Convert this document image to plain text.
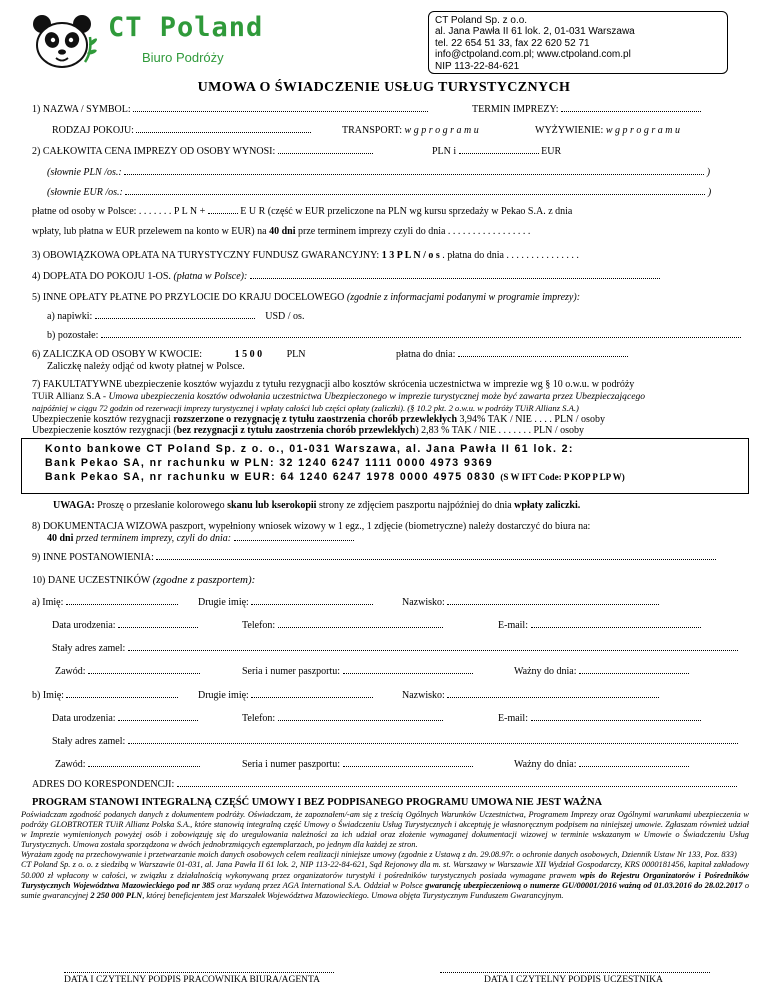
CT Poland
Biuro Podróży
CT Poland Sp. z o.o.
al. Jana Pawła II 61 lok. 2, 01-031 Warszawa
tel. 22 654 51 33, fax 22 620 52 71
info@ctpoland.com.pl; www.ctpoland.com.pl
NIP 113-22-84-621
UMOWA O ŚWIADCZENIE USŁUG TURYSTYCZNYCH
1) NAZWA / SYMBOL:	TERMIN IMPREZY:
RODZAJ POKOJU:	TRANSPORT: w g p r o g r a m u	WYŻYWIENIE: w g p r o g r a m u
2) CAŁKOWITA CENA IMPREZY OD OSOBY WYNOSI:	PLN i	EUR
(słownie PLN /os.:	)
(słownie EUR /os.:	)
płatne od osoby w Polsce: . . . . . . . P L N +	E U R (część w EUR przeliczone na PLN wg kursu sprzedaży w Pekao S.A. z dnia
wpłaty, lub płatna w EUR przelewem na konto w EUR) na 40 dni prze terminem imprezy czyli do dnia . . . . . . . . . . . . . . . . .
3) OBOWIĄZKOWA OPŁATA NA TURYSTYCZNY FUNDUSZ GWARANCYJNY: 1 3 P L N / o s . płatna do dnia . . . . . . . . . . . . . . .
4) DOPŁATA DO POKOJU 1-OS. (płatna w Polsce):
5) INNE OPŁATY PŁATNE PO PRZYLOCIE DO KRAJU DOCELOWEGO (zgodnie z informacjami podanymi w programie imprezy):
a) napiwki:	USD / os.
b) pozostałe:
6) ZALICZKA OD OSOBY W KWOCIE:	1 5 0 0 PLN	płatna do dnia:
Zaliczkę należy odjąć od kwoty płatnej w Polsce.
7) FAKULTATYWNE ubezpieczenie kosztów wyjazdu z tytułu rezygnacji albo kosztów skrócenia uczestnictwa w imprezie wg § 10 o.w.u. w podróży
TUiR Allianz S.A - Umowa ubezpieczenia kosztów odwołania uczestnictwa Ubezpieczonego w imprezie turystycznej może być zawarta przez Ubezpieczającego
najpóźniej w ciągu 72 godzin od rezerwacji imprezy turystycznej i wpłaty całości lub części opłaty (zaliczki). (§ 10.2 pkt. 2 o.w.u. w podróży TUiR Allianz S.A.)
Ubezpieczenie kosztów rezygnacji rozszerzone o rezygnację z tytułu zaostrzenia chorób przewlekłych 3,94% TAK / NIE . . . . PLN / osoby
Ubezpieczenie kosztów rezygnacji (bez rezygnacji z tytułu zaostrzenia chorób przewlekłych) 2,83 % TAK / NIE . . . . . . . PLN / osoby
Konto bankowe CT Poland Sp. z o. o., 01-031 Warszawa, al. Jana Pawła II 61 lok. 2:
Bank Pekao SA, nr rachunku w PLN: 32 1240 6247 1111 0000 4973 9369
Bank Pekao SA, nr rachunku w EUR: 64 1240 6247 1978 0000 4975 0830 (S W IFT Code: P KOP P LP W)
UWAGA: Proszę o przesłanie kolorowego skanu lub kserokopii strony ze zdjęciem paszportu najpóźniej do dnia wpłaty zaliczki.
8) DOKUMENTACJA WIZOWA paszport, wypełniony wniosek wizowy w 1 egz., 1 zdjęcie (biometryczne) należy dostarczyć do biura na:
40 dni przed terminem imprezy, czyli do dnia:
9) INNE POSTANOWIENIA:
10) DANE UCZESTNIKÓW (zgodne z paszportem):
a) Imię:	Drugie imię:	Nazwisko:
Data urodzenia:	Telefon:	E-mail:
Stały adres zamel:
Zawód:	Seria i numer paszportu:	Ważny do dnia:
b) Imię:	Drugie imię:	Nazwisko:
Data urodzenia:	Telefon:	E-mail:
Stały adres zamel:
Zawód:	Seria i numer paszportu:	Ważny do dnia:
ADRES DO KORESPONDENCJI:
PROGRAM STANOWI INTEGRALNĄ CZĘŚĆ UMOWY I BEZ PODPISANEGO PROGRAMU UMOWA NIE JEST WAŻNA
Poświadczam zgodność podanych danych z dokumentem podróży. Oświadczam, że zapoznałem/-am się z treścią Ogólnych Warunków Uczestnictwa, Programem Imprezy oraz Ogólnymi warunkami ubezpieczenia w podróży GLOBTROTER TUiR Allianz Polska S.A., które stanowią integralną część Umowy o Świadczeniu Usług Turystycznych i akceptuję je własnoręcznym podpisem na niniejszej umowie. Zgłaszam również udział w Imprezie wymienionych powyżej osób i zobowiązuję się do uregulowania należności za ich udział oraz złożenie wymaganej dokumentacji wizowej w terminie wskazanym w Umowie o Świadczeniu Usług Turystycznych. Umowa została sporządzona w dwóch jednobrzmiących egzemplarzach, po jednym dla każdej ze stron.
Wyrażam zgodę na przechowywanie i przetwarzanie moich danych osobowych celem realizacji niniejsze umowy (zgodnie z Ustawą z dn. 29.08.97r. o ochronie danych osobowych, Dziennik Ustaw Nr 133, Poz. 833)
CT Poland Sp. z o. o. z siedzibą w Warszawie 01-031, al. Jana Pawła II 61 lok. 2, NIP 113-22-84-621, Sąd Rejonowy dla m. st. Warszawy w Warszawie XII Wydział Gospodarczy, KRS 0000181456, kapitał zakładowy 50.000 zł wpłacony w całości, w związku z działalnością wykonywaną przez organizatorów turystyki i pośredników turystycznych posiada wymagane prawem wpis do Rejestru Organizatorów i Pośredników Turystycznych Województwa Mazowieckiego pod nr 385 oraz wydaną przez AGA International S.A. Oddział w Polsce gwarancję ubezpieczeniową o numerze GU/00001/2016 ważną od 01.03.2016 do 28.02.2017 o sumie gwarancyjnej 2 250 000 PLN, której beneficjentem jest Marszałek Województwa Mazowieckiego. Umowa objęta Turystycznym Funduszem Gwarancyjnym.
DATA I CZYTELNY PODPIS PRACOWNIKA BIURA/AGENTA	DATA I CZYTELNY PODPIS UCZESTNIKA
